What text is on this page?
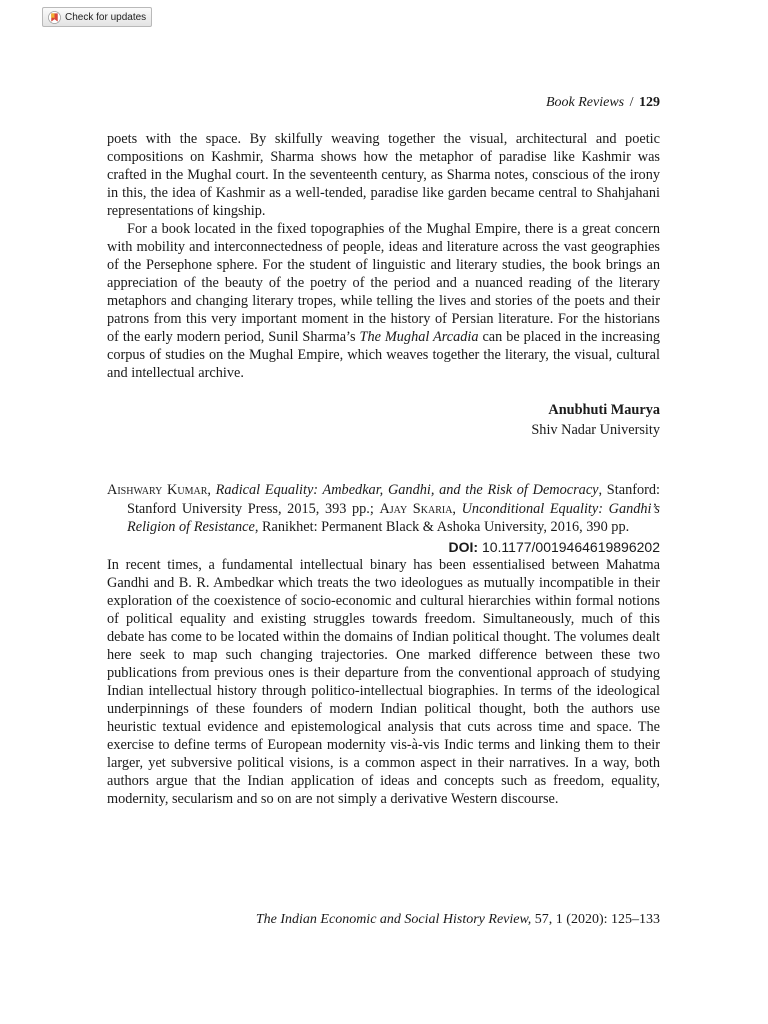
Check for updates
Book Reviews / 129

poets with the space. By skilfully weaving together the visual, architectural and poetic compositions on Kashmir, Sharma shows how the metaphor of paradise like Kashmir was crafted in the Mughal court. In the seventeenth century, as Sharma notes, conscious of the irony in this, the idea of Kashmir as a well-tended, paradise like garden became central to Shahjahani representations of kingship.

For a book located in the fixed topographies of the Mughal Empire, there is a great concern with mobility and interconnectedness of people, ideas and literature across the vast geographies of the Persephone sphere. For the student of linguistic and literary studies, the book brings an appreciation of the beauty of the poetry of the period and a nuanced reading of the literary metaphors and changing literary tropes, while telling the lives and stories of the poets and their patrons from this very important moment in the history of Persian literature. For the historians of the early modern period, Sunil Sharma’s The Mughal Arcadia can be placed in the increasing corpus of studies on the Mughal Empire, which weaves together the literary, the visual, cultural and intellectual archive.

Anubhuti Maurya
Shiv Nadar University
Aishwary Kumar, Radical Equality: Ambedkar, Gandhi, and the Risk of Democracy, Stanford: Stanford University Press, 2015, 393 pp.; Ajay Skaria, Unconditional Equality: Gandhi’s Religion of Resistance, Ranikhet: Permanent Black & Ashoka University, 2016, 390 pp.
DOI: 10.1177/0019464619896202

In recent times, a fundamental intellectual binary has been essentialised between Mahatma Gandhi and B. R. Ambedkar which treats the two ideologues as mutually incompatible in their exploration of the coexistence of socio-economic and cultural hierarchies within formal notions of political equality and existing struggles towards freedom. Simultaneously, much of this debate has come to be located within the domains of Indian political thought. The volumes dealt here seek to map such changing trajectories. One marked difference between these two publications from previous ones is their departure from the conventional approach of studying Indian intellectual history through politico-intellectual biographies. In terms of the ideological underpinnings of these founders of modern Indian political thought, both the authors use heuristic textual evidence and epistemological analysis that cuts across time and space. The exercise to define terms of European modernity vis-à-vis Indic terms and linking them to their larger, yet subversive political visions, is a common aspect in their narratives. In a way, both authors argue that the Indian application of ideas and concepts such as freedom, equality, modernity, secularism and so on are not simply a derivative Western discourse.

The Indian Economic and Social History Review, 57, 1 (2020): 125–133
